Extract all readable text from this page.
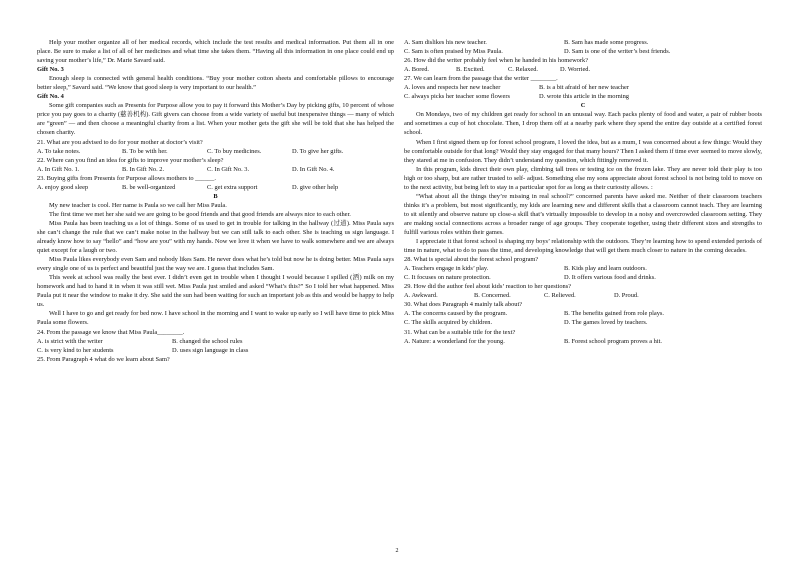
Help your mother organize all of her medical records, which include the test results and medical information. Put them all in one place. Be sure to make a list of all of her medicines and what time she takes them. “Having all this information in one place could end up saving your mother’s life,” Dr. Marie Savard said.
Gift No. 3
Enough sleep is connected with general health conditions. “Buy your mother cotton sheets and comfortable pillows to encourage better sleep,” Savard said. “We know that good sleep is very important to our health.”
Gift No. 4
Some gift companies such as Presents for Purpose allow you to pay it forward this Mother’s Day by picking gifts, 10 percent of whose price you pay goes to a charity (慈善机构). Gift givers can choose from a wide variety of useful but inexpensive things — many of which are “green” — and then choose a meaningful charity from a list. When your mother gets the gift she will be told that she has helped the chosen charity.
21. What are you advised to do for your mother at doctor’s visit?
A. To take notes.	B. To be with her.	C. To buy medicines.	D. To give her gifts.
22. Where can you find an idea for gifts to improve your mother’s sleep?
A. In Gift No. 1.	B. In Gift No. 2.	C. In Gift No. 3.	D. In Gift No. 4.
23. Buying gifts from Presents for Purpose allows mothers to ______.
A. enjoy good sleep	B. be well-organized	C. get extra support	D. give other help
B
My new teacher is cool. Her name is Paula so we call her Miss Paula.
The first time we met her she said we are going to be good friends and that good friends are always nice to each other.
Miss Paula has been teaching us a lot of things. Some of us used to get in trouble for talking in the hallway (过道). Miss Paula says she can’t change the rule that we can’t make noise in the hallway but we can still talk to each other. She is teaching us sign language. I already know how to say “hello” and “how are you” with my hands. Now we love it when we have to walk somewhere and we are always quiet except for a laugh or two.
Miss Paula likes everybody even Sam and nobody likes Sam. He never does what he’s told but now he is doing better. Miss Paula says every single one of us is perfect and beautiful just the way we are. I guess that includes Sam.
This week at school was really the best ever. I didn’t even get in trouble when I thought I would because I spilled (洒) milk on my homework and had to hand it in when it was still wet. Miss Paula just smiled and asked “What’s this?” So I told her what happened. Miss Paula put it near the window to make it dry. She said the sun had been waiting for such an important job as this and would be happy to help us.
Well I have to go and get ready for bed now. I have school in the morning and I want to wake up early so I will have time to pick Miss Paula some flowers.
24. From the passage we know that Miss Paula________.
A. is strict with the writer	B. changed the school rules
C. is very kind to her students	D. uses sign language in class
25. From Paragraph 4 what do we learn about Sam?
A. Sam dislikes his new teacher.	B. Sam has made some progress.
C. Sam is often praised by Miss Paula.	D. Sam is one of the writer’s best friends.
26. How did the writer probably feel when he handed in his homework?
A. Bored.	B. Excited.	C. Relaxed.	D. Worried.
27. We can learn from the passage that the writer ________.
A. loves and respects her new teacher	B. is a bit afraid of her new teacher
C. always picks her teacher some flowers	D. wrote this article in the morning
C
On Mondays, two of my children get ready for school in an unusual way. Each packs plenty of food and water, a pair of rubber boots and sometimes a cup of hot chocolate. Then, I drop them off at a nearby park where they spend the entire day outside at a certified forest school.
When I first signed them up for forest school program, I loved the idea, but as a mum, I was concerned about a few things: Would they be comfortable outside for that long? Would they stay engaged for that many hours? Then I asked them if time ever seemed to move slowly, they stared at me in confusion. They didn’t understand my question, which fittingly removed it.
In this program, kids direct their own play, climbing tall trees or testing ice on the frozen lake. They are never told their play is too high or too sharp, but are rather trusted to self- adjust. Something else my sons appreciate about forest school is not being told to move on to the next activity, but being left to stay in a particular spot for as long as their curiosity allows. :
“What about all the things they’re missing in real school?” concerned parents have asked me. Neither of their classroom teachers thinks it’s a problem, but most significantly, my kids are learning new and different skills that a classroom cannot teach. They are learning to sit silently and observe nature up close-a skill that’s virtually impossible to develop in a noisy and overcrowded classroom setting. They are making social connections across a broader range of age groups. They cooperate together, using their different sizes and strengths to fulfill various roles within their games.
I appreciate it that forest school is shaping my boys’ relationship with the outdoors. They’re learning how to spend extended periods of time in nature, what to do to pass the time, and developing knowledge that will get them much closer to nature in the coming decades.
28. What is special about the forest school program?
A. Teachers engage in kids’ play.	B. Kids play and learn outdoors.
C. It focuses on nature protection.	D. It offers various food and drinks.
29. How did the author feel about kids’ reaction to her questions?
A. Awkward.	B. Concerned.	C. Relieved.	D. Proud.
30. What does Paragraph 4 mainly talk about?
A. The concerns caused by the program.	B. The benefits gained from role plays.
C. The skills acquired by children.	D. The games loved by teachers.
31. What can be a suitable title for the text?
A. Nature: a wonderland for the young.	B. Forest school program proves a hit.
2
